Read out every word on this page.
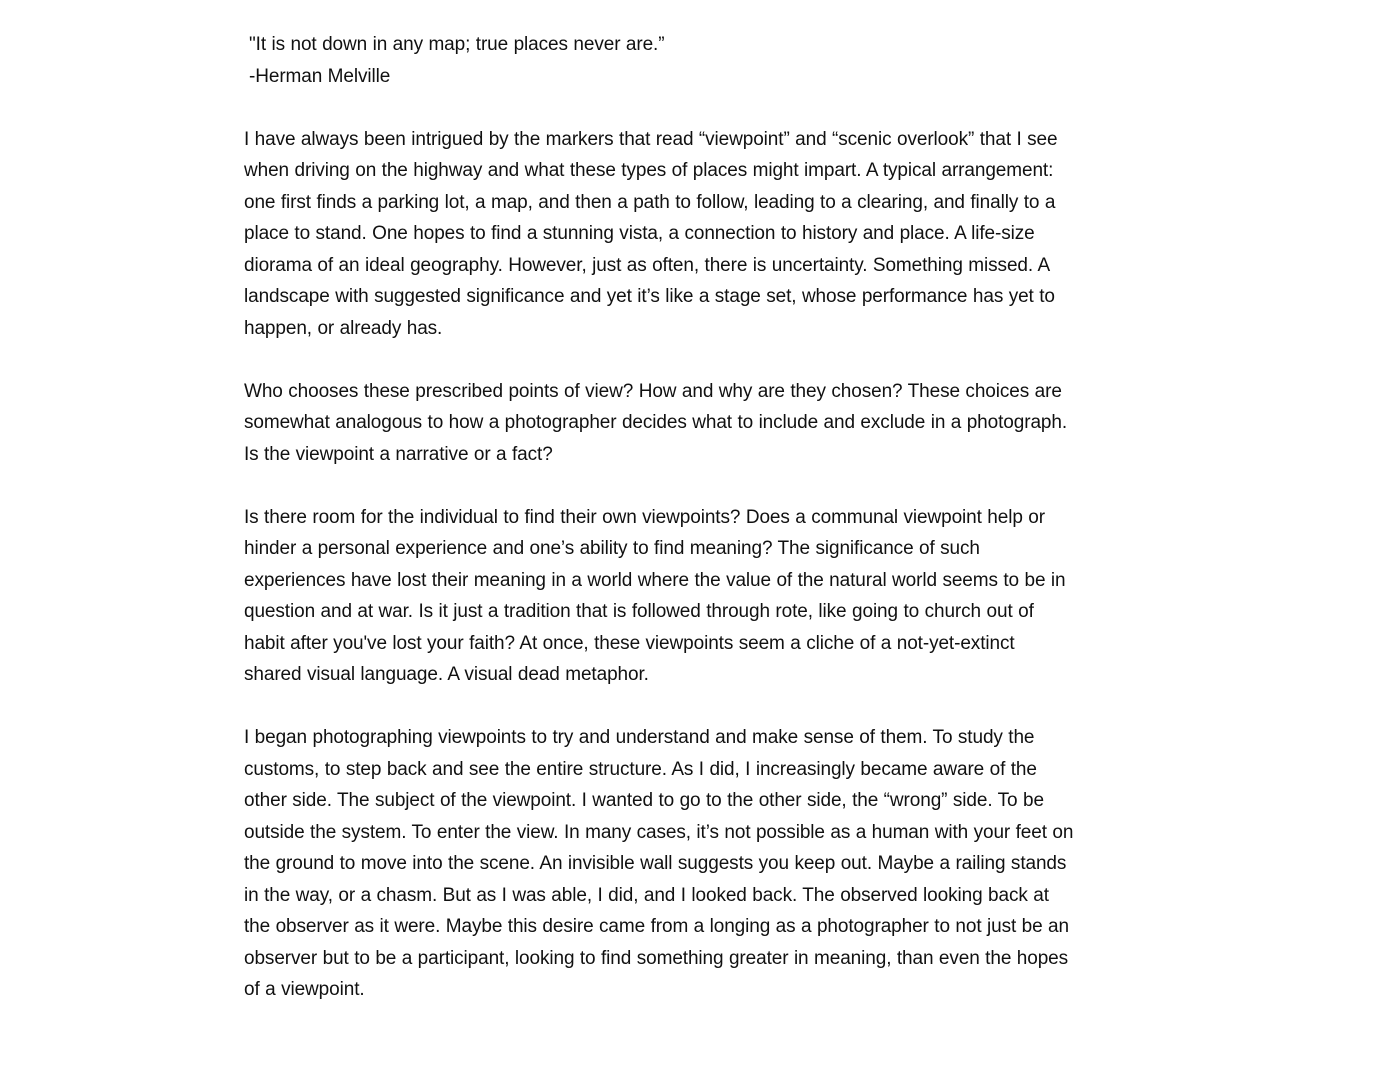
"It is not down in any map; true places never are.”

-Herman Melville

I have always been intrigued by the markers that read “viewpoint” and “scenic overlook” that I see when driving on the highway and what these types of places might impart. A typical arrangement: one first finds a parking lot, a map, and then a path to follow, leading to a clearing, and finally to a place to stand. One hopes to find a stunning vista, a connection to history and place. A life-size diorama of an ideal geography. However, just as often, there is uncertainty. Something missed. A landscape with suggested significance and yet it’s like a stage set, whose performance has yet to happen, or already has.

Who chooses these prescribed points of view? How and why are they chosen? These choices are somewhat analogous to how a photographer decides what to include and exclude in a photograph. Is the viewpoint a narrative or a fact?

Is there room for the individual to find their own viewpoints? Does a communal viewpoint help or hinder a personal experience and one’s ability to find meaning? The significance of such experiences have lost their meaning in a world where the value of the natural world seems to be in question and at war. Is it just a tradition that is followed through rote, like going to church out of habit after you've lost your faith? At once, these viewpoints seem a cliche of a not-yet-extinct shared visual language. A visual dead metaphor.

I began photographing viewpoints to try and understand and make sense of them. To study the customs, to step back and see the entire structure. As I did, I increasingly became aware of the other side. The subject of the viewpoint. I wanted to go to the other side, the “wrong” side. To be outside the system. To enter the view. In many cases, it’s not possible as a human with your feet on the ground to move into the scene. An invisible wall suggests you keep out. Maybe a railing stands in the way, or a chasm. But as I was able, I did, and I looked back. The observed looking back at the observer as it were. Maybe this desire came from a longing as a photographer to not just be an observer but to be a participant, looking to find something greater in meaning, than even the hopes of a viewpoint.
